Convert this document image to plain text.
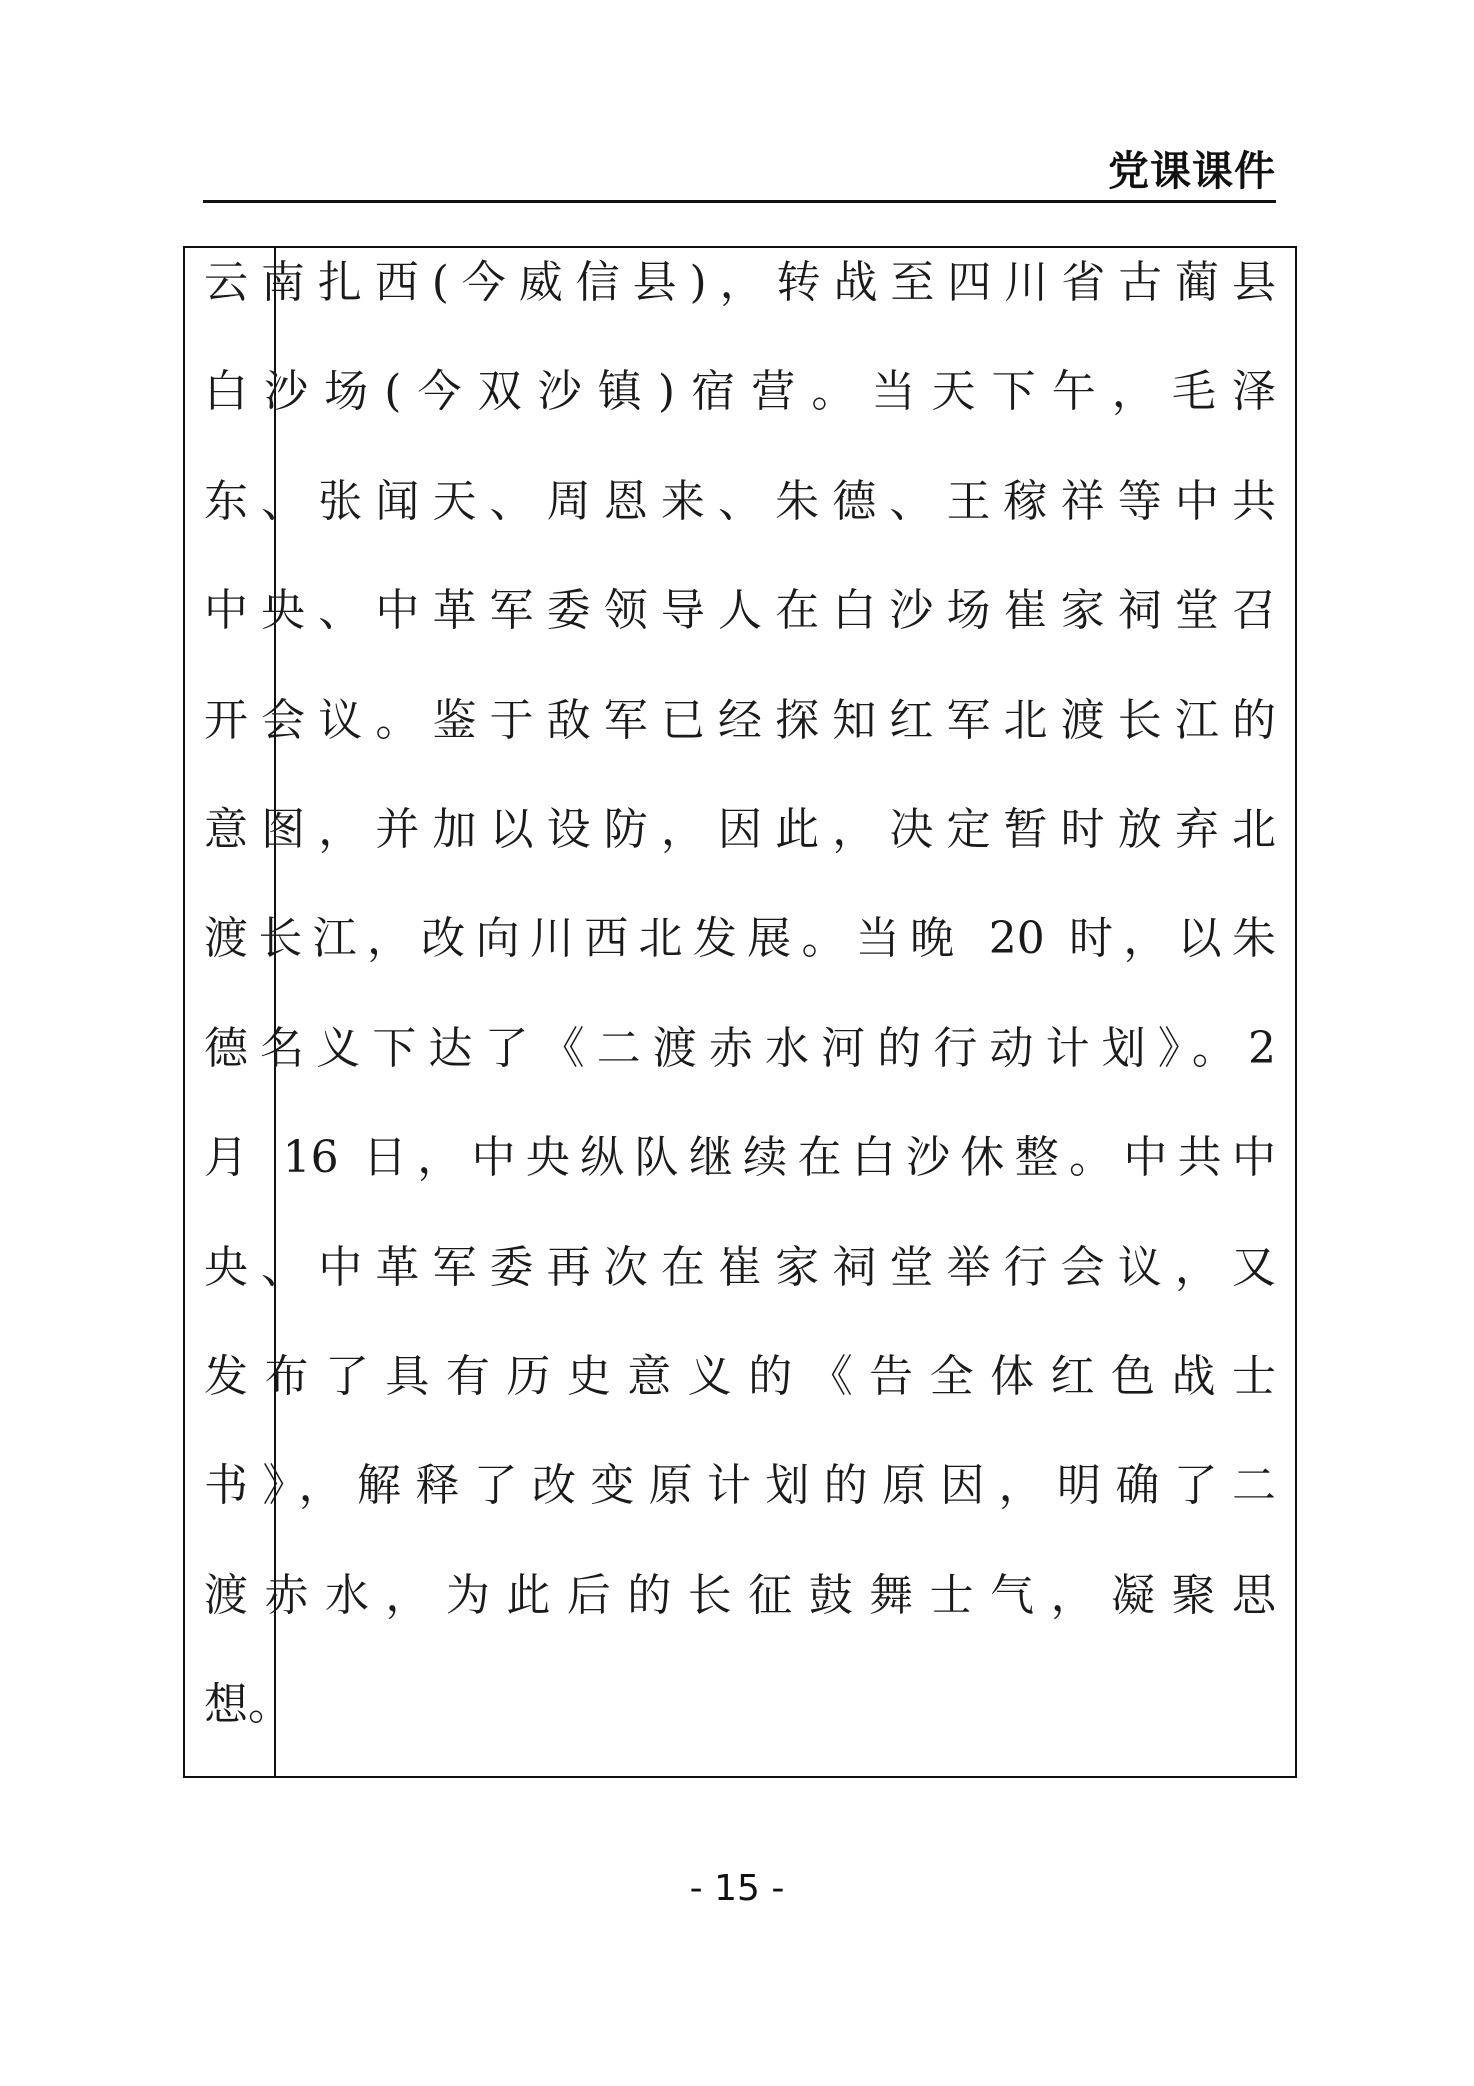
党课课件
云南扎西(今威信县)，转战至四川省古蔺县
白沙场(今双沙镇)宿营。当天下午，毛泽
东、张闻天、周恩来、朱德、王稼祥等中共
中央、中革军委领导人在白沙场崔家祠堂召
开会议。鉴于敌军已经探知红军北渡长江的
意图，并加以设防，因此，决定暂时放弃北
渡长江，改向川西北发展。当晚 20 时，以朱
德名义下达了《二渡赤水河的行动计划》。2
月 16 日，中央纵队继续在白沙休整。中共中
央、中革军委再次在崔家祠堂举行会议，又
发布了具有历史意义的《告全体红色战士
书》，解释了改变原计划的原因，明确了二
渡赤水，为此后的长征鼓舞士气，凝聚思
想。
- 15 -
